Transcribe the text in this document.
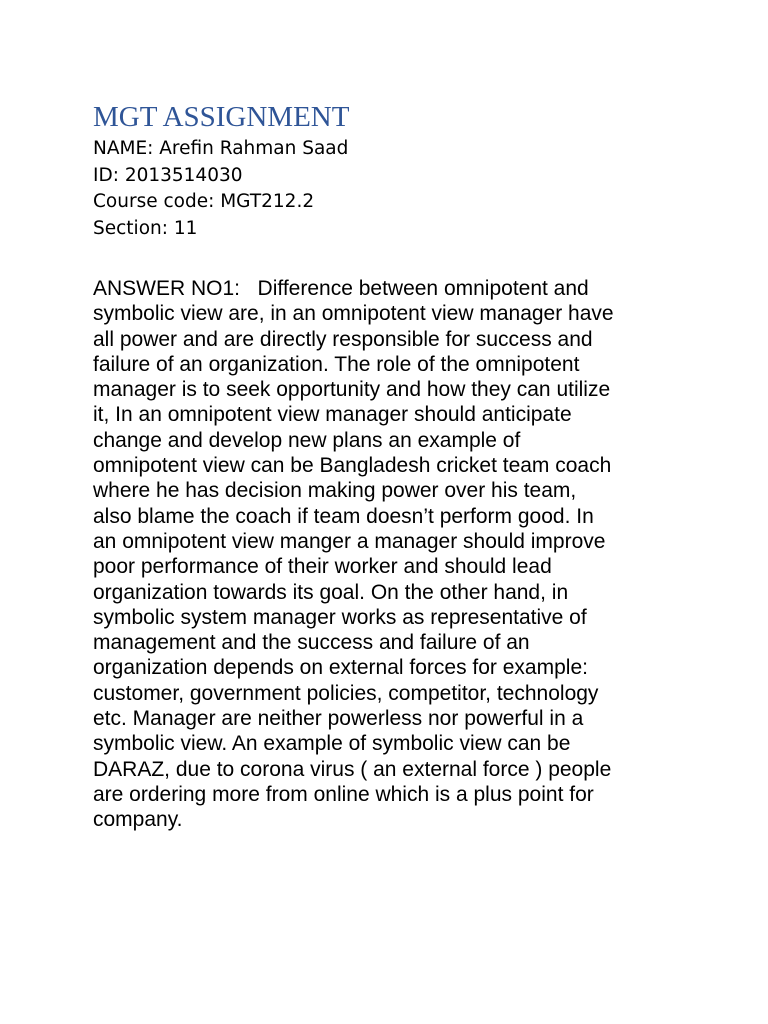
MGT ASSIGNMENT
NAME: Arefin Rahman Saad
ID: 2013514030
Course code: MGT212.2
Section: 11
ANSWER NO1: Difference between omnipotent and
symbolic view are, in an omnipotent view manager have
all power and are directly responsible for success and
failure of an organization. The role of the omnipotent
manager is to seek opportunity and how they can utilize
it, In an omnipotent view manager should anticipate
change and develop new plans an example of
omnipotent view can be Bangladesh cricket team coach
where he has decision making power over his team,
also blame the coach if team doesn’t perform good. In
an omnipotent view manger a manager should improve
poor performance of their worker and should lead
organization towards its goal. On the other hand, in
symbolic system manager works as representative of
management and the success and failure of an
organization depends on external forces for example:
customer, government policies, competitor, technology
etc. Manager are neither powerless nor powerful in a
symbolic view. An example of symbolic view can be
DARAZ, due to corona virus ( an external force ) people
are ordering more from online which is a plus point for
company.
